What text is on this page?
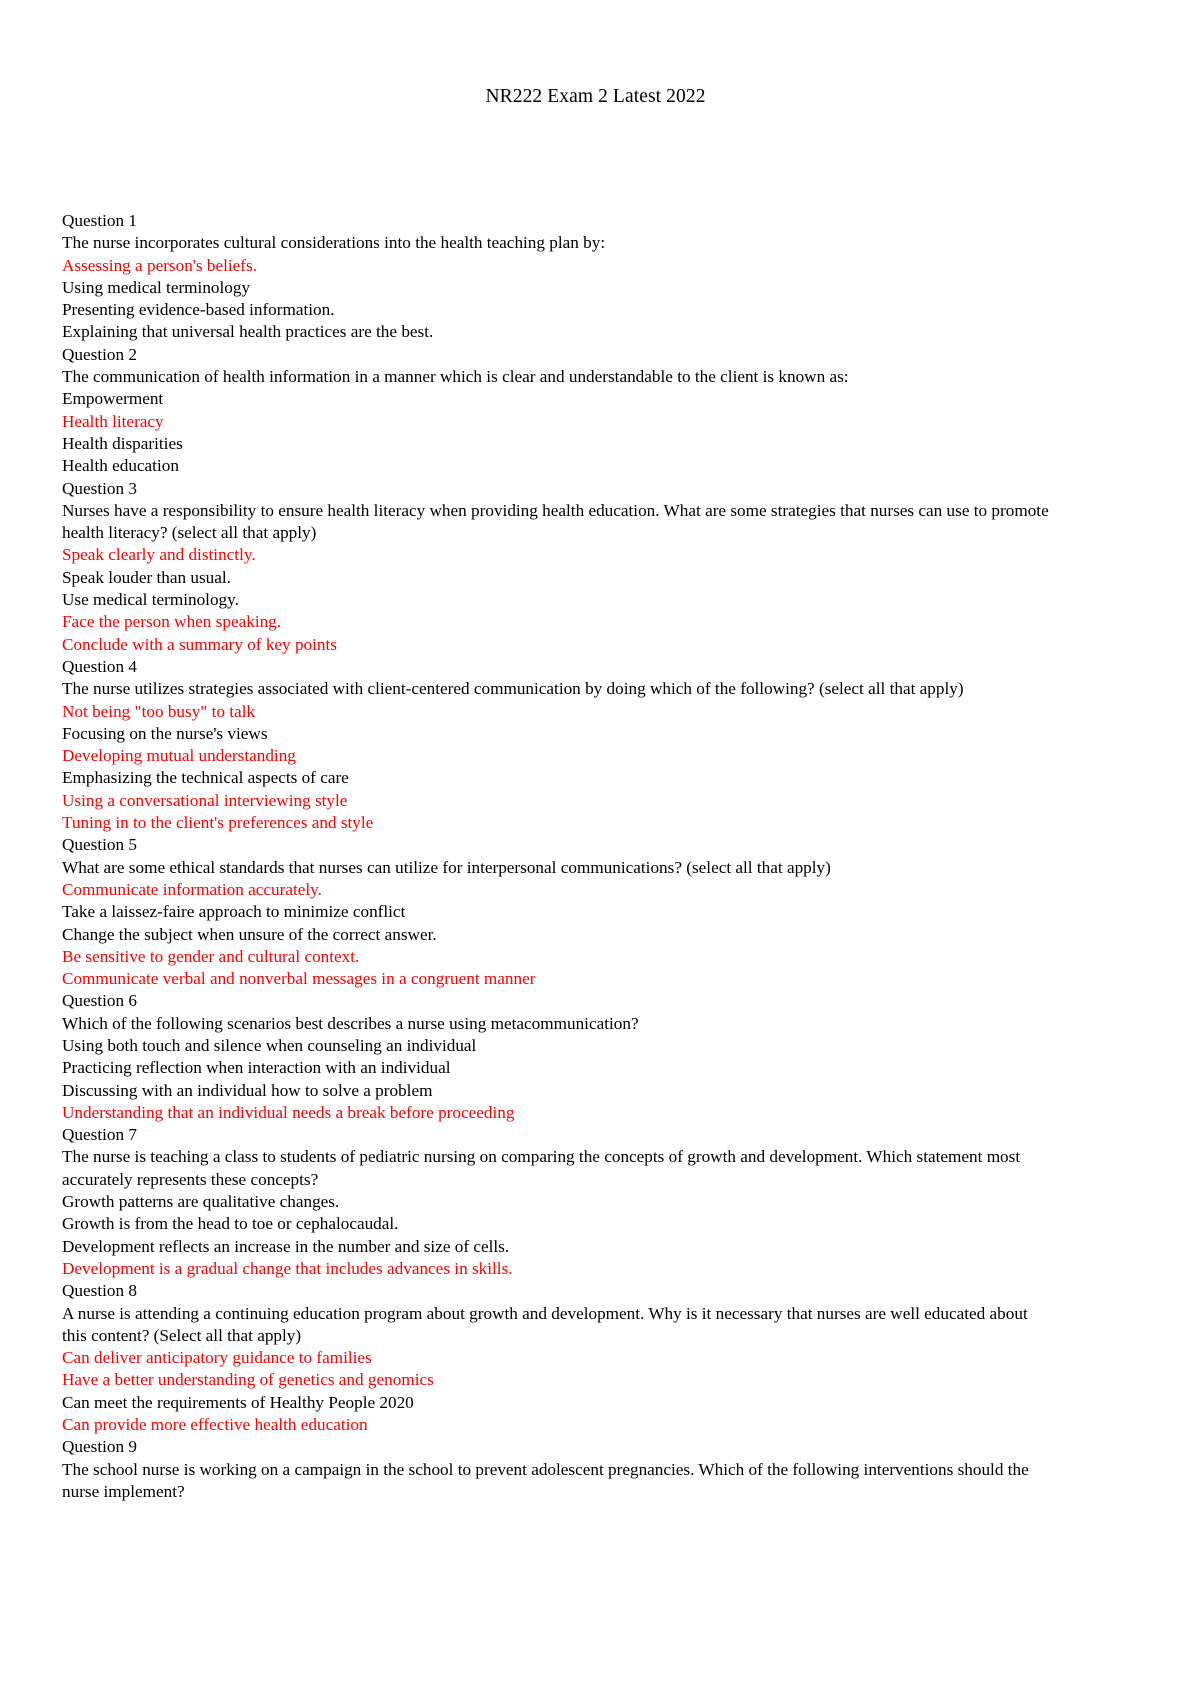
NR222 Exam 2 Latest 2022
Question 1
The nurse incorporates cultural considerations into the health teaching plan by:
Assessing a person's beliefs.
Using medical terminology
Presenting evidence-based information.
Explaining that universal health practices are the best.
Question 2
The communication of health information in a manner which is clear and understandable to the client is known as:
Empowerment
Health literacy
Health disparities
Health education
Question 3
Nurses have a responsibility to ensure health literacy when providing health education. What are some strategies that nurses can use to promote health literacy? (select all that apply)
Speak clearly and distinctly.
Speak louder than usual.
Use medical terminology.
Face the person when speaking.
Conclude with a summary of key points
Question 4
The nurse utilizes strategies associated with client-centered communication by doing which of the following? (select all that apply)
Not being "too busy" to talk
Focusing on the nurse's views
Developing mutual understanding
Emphasizing the technical aspects of care
Using a conversational interviewing style
Tuning in to the client's preferences and style
Question 5
What are some ethical standards that nurses can utilize for interpersonal communications? (select all that apply)
Communicate information accurately.
Take a laissez-faire approach to minimize conflict
Change the subject when unsure of the correct answer.
Be sensitive to gender and cultural context.
Communicate verbal and nonverbal messages in a congruent manner
Question 6
Which of the following scenarios best describes a nurse using metacommunication?
Using both touch and silence when counseling an individual
Practicing reflection when interaction with an individual
Discussing with an individual how to solve a problem
Understanding that an individual needs a break before proceeding
Question 7
The nurse is teaching a class to students of pediatric nursing on comparing the concepts of growth and development. Which statement most accurately represents these concepts?
Growth patterns are qualitative changes.
Growth is from the head to toe or cephalocaudal.
Development reflects an increase in the number and size of cells.
Development is a gradual change that includes advances in skills.
Question 8
A nurse is attending a continuing education program about growth and development. Why is it necessary that nurses are well educated about this content? (Select all that apply)
Can deliver anticipatory guidance to families
Have a better understanding of genetics and genomics
Can meet the requirements of Healthy People 2020
Can provide more effective health education
Question 9
The school nurse is working on a campaign in the school to prevent adolescent pregnancies. Which of the following interventions should the nurse implement?
